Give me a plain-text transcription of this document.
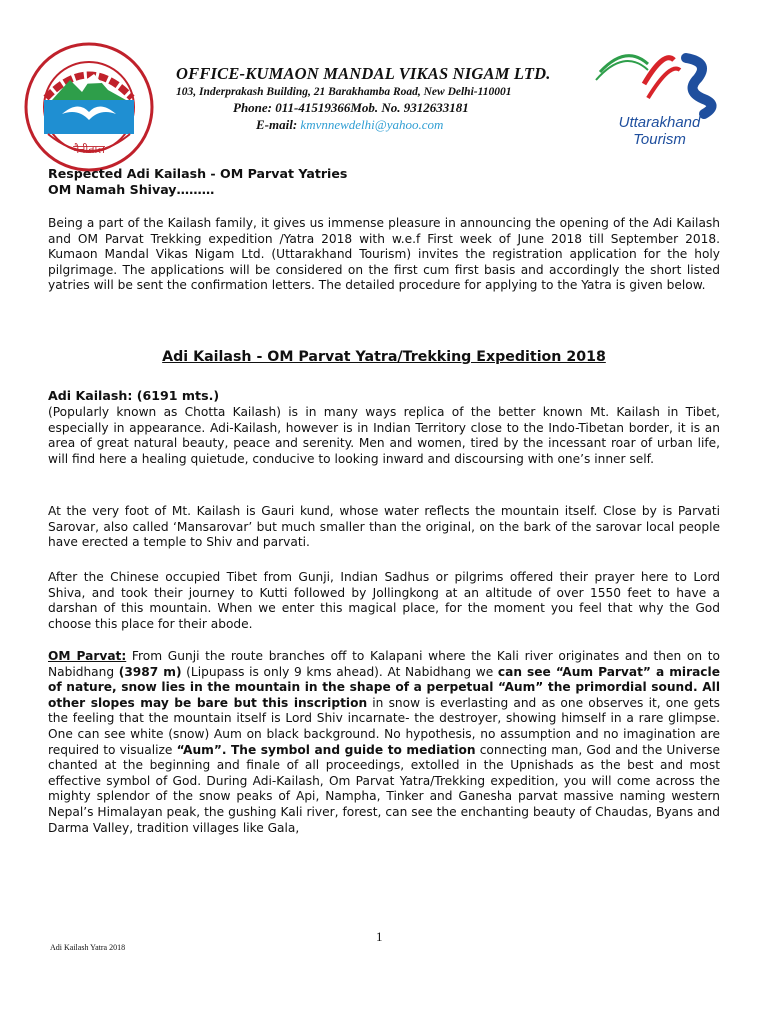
नैनीताल
OFFICE-KUMAON MANDAL VIKAS NIGAM LTD.
103, Inderprakash Building, 21 Barakhamba Road, New Delhi-110001
Phone: 011-41519366Mob. No. 9312633181
E-mail: kmvnnewdelhi@yahoo.com	Uttarakhand
Tourism
Respected Adi Kailash - OM Parvat Yatries
OM Namah Shivay………
Being a part of the Kailash family, it gives us immense pleasure in announcing the opening of the Adi Kailash and OM Parvat Trekking expedition /Yatra 2018 with w.e.f First week of June 2018 till September 2018. Kumaon Mandal Vikas Nigam Ltd. (Uttarakhand Tourism) invites the registration application for the holy pilgrimage. The applications will be considered on the first cum first basis and accordingly the short listed yatries will be sent the confirmation letters. The detailed procedure for applying to the Yatra is given below.
Adi Kailash - OM Parvat Yatra/Trekking Expedition 2018
Adi Kailash: (6191 mts.)
(Popularly known as Chotta Kailash) is in many ways replica of the better known Mt. Kailash in Tibet, especially in appearance. Adi-Kailash, however is in Indian Territory close to the Indo-Tibetan border, it is an area of great natural beauty, peace and serenity. Men and women, tired by the incessant roar of urban life, will find here a healing quietude, conducive to looking inward and discoursing with one’s inner self.
At the very foot of Mt. Kailash is Gauri kund, whose water reflects the mountain itself. Close by is Parvati Sarovar, also called ‘Mansarovar’ but much smaller than the original, on the bark of the sarovar local people have erected a temple to Shiv and parvati.
After the Chinese occupied Tibet from Gunji, Indian Sadhus or pilgrims offered their prayer here to Lord Shiva, and took their journey to Kutti followed by Jollingkong at an altitude of over 1550 feet to have a darshan of this mountain. When we enter this magical place, for the moment you feel that why the God choose this place for their abode.
OM Parvat: From Gunji the route branches off to Kalapani where the Kali river originates and then on to Nabidhang (3987 m) (Lipupass is only 9 kms ahead). At Nabidhang we can see “Aum Parvat” a miracle of nature, snow lies in the mountain in the shape of a perpetual “Aum” the primordial sound. All other slopes may be bare but this inscription in snow is everlasting and as one observes it, one gets the feeling that the mountain itself is Lord Shiv incarnate- the destroyer, showing himself in a rare glimpse. One can see white (snow) Aum on black background. No hypothesis, no assumption and no imagination are required to visualize “Aum”. The symbol and guide to mediation connecting man, God and the Universe chanted at the beginning and finale of all proceedings, extolled in the Upnishads as the best and most effective symbol of God. During Adi-Kailash, Om Parvat Yatra/Trekking expedition, you will come across the mighty splendor of the snow peaks of Api, Nampha, Tinker and Ganesha parvat massive naming western Nepal’s Himalayan peak, the gushing Kali river, forest, can see the enchanting beauty of Chaudas, Byans and Darma Valley, tradition villages like Gala,
1
Adi Kailash Yatra 2018
